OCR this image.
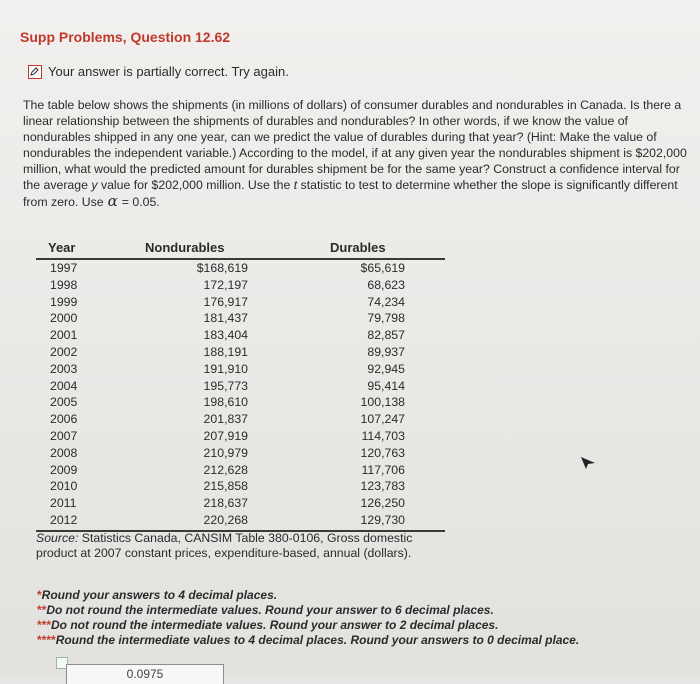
Supp Problems, Question 12.62
Your answer is partially correct. Try again.
The table below shows the shipments (in millions of dollars) of consumer durables and nondurables in Canada. Is there a linear relationship between the shipments of durables and nondurables? In other words, if we know the value of nondurables shipped in any one year, can we predict the value of durables during that year? (Hint: Make the value of nondurables the independent variable.) According to the model, if at any given year the nondurables shipment is $202,000 million, what would the predicted amount for durables shipment be for the same year? Construct a confidence interval for the average y value for $202,000 million. Use the t statistic to test to determine whether the slope is significantly different from zero. Use α = 0.05.
Year	Nondurables	Durables
1997	$168,619	$65,619
1998	172,197	68,623
1999	176,917	74,234
2000	181,437	79,798
2001	183,404	82,857
2002	188,191	89,937
2003	191,910	92,945
2004	195,773	95,414
2005	198,610	100,138
2006	201,837	107,247
2007	207,919	114,703
2008	210,979	120,763
2009	212,628	117,706
2010	215,858	123,783
2011	218,637	126,250
2012	220,268	129,730
Source: Statistics Canada, CANSIM Table 380-0106, Gross domestic product at 2007 constant prices, expenditure-based, annual (dollars).
*Round your answers to 4 decimal places.
**Do not round the intermediate values. Round your answer to 6 decimal places.
***Do not round the intermediate values. Round your answer to 2 decimal places.
****Round the intermediate values to 4 decimal places. Round your answers to 0 decimal place.
0.0975
